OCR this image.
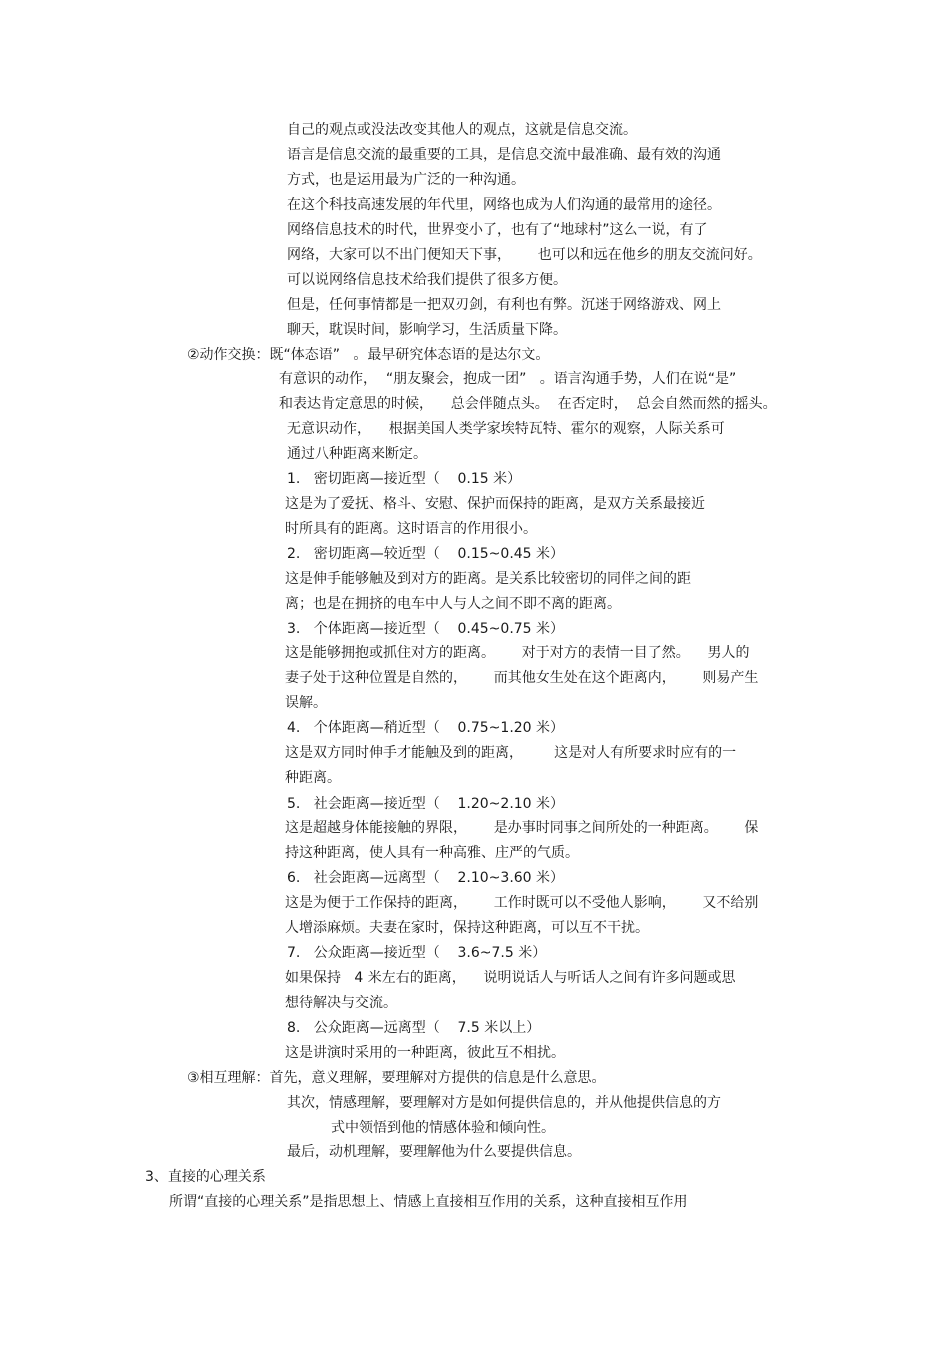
自己的观点或没法改变其他人的观点，这就是信息交流。
语言是信息交流的最重要的工具，是信息交流中最准确、最有效的沟通
方式，也是运用最为广泛的一种沟通。
在这个科技高速发展的年代里，网络也成为人们沟通的最常用的途径。
网络信息技术的时代，世界变小了，也有了“地球村”这么一说，有了
网络，大家可以不出门便知天下事，      也可以和远在他乡的朋友交流问好。
可以说网络信息技术给我们提供了很多方便。
但是，任何事情都是一把双刃剑，有利也有弊。沉迷于网络游戏、网上
聊天，耽误时间，影响学习，生活质量下降。
②动作交换：既“体态语”   。最早研究体态语的是达尔文。
有意识的动作，  “朋友聚会，抱成一团”   。语言沟通手势，人们在说“是”
和表达肯定意思的时候，    总会伴随点头。  在否定时，  总会自然而然的摇头。
无意识动作，    根据美国人类学家埃特瓦特、霍尔的观察，人际关系可
通过八种距离来断定。
1.   密切距离—接近型（    0.15 米）
这是为了爱抚、格斗、安慰、保护而保持的距离，是双方关系最接近
时所具有的距离。这时语言的作用很小。
2.   密切距离—较近型（    0.15~0.45 米）
这是伸手能够触及到对方的距离。是关系比较密切的同伴之间的距
离；也是在拥挤的电车中人与人之间不即不离的距离。
3.   个体距离—接近型（    0.45~0.75 米）
这是能够拥抱或抓住对方的距离。      对于对方的表情一目了然。    男人的
妻子处于这种位置是自然的，      而其他女生处在这个距离内，      则易产生
误解。
4.   个体距离—稍近型（    0.75~1.20 米）
这是双方同时伸手才能触及到的距离，       这是对人有所要求时应有的一
种距离。
5.   社会距离—接近型（    1.20~2.10 米）
这是超越身体能接触的界限，      是办事时同事之间所处的一种距离。      保
持这种距离，使人具有一种高雅、庄严的气质。
6.   社会距离—远离型（    2.10~3.60 米）
这是为便于工作保持的距离，      工作时既可以不受他人影响，      又不给别
人增添麻烦。夫妻在家时，保持这种距离，可以互不干扰。
7.   公众距离—接近型（    3.6~7.5 米）
如果保持   4 米左右的距离，    说明说话人与听话人之间有许多问题或思
想待解决与交流。
8.   公众距离—远离型（    7.5 米以上）
这是讲演时采用的一种距离，彼此互不相扰。
③相互理解：首先，意义理解，要理解对方提供的信息是什么意思。
其次，情感理解，要理解对方是如何提供信息的，并从他提供信息的方
式中领悟到他的情感体验和倾向性。
最后，动机理解，要理解他为什么要提供信息。
3、直接的心理关系
所谓“直接的心理关系”是指思想上、情感上直接相互作用的关系，这种直接相互作用
